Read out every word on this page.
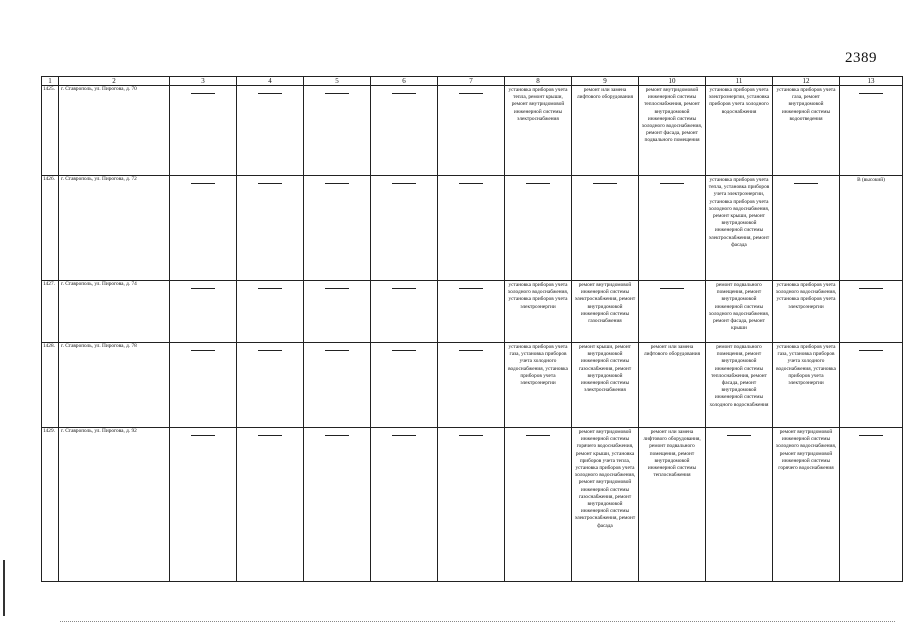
2389
1	2	3	4	5	6	7	8	9	10	11	12	13
1425.	г. Ставрополь, ул. Пирогова, д. 70						установка приборов учета тепла, ремонт крыши, ремонт внутридомовой инженерной системы электроснабжения	ремонт или замена лифтового оборудования	ремонт внутридомовой инженерной системы теплоснабжения, ремонт внутридомовой инженерной системы холодного водоснабжения, ремонт фасада, ремонт подвального помещения	установка приборов учета электроэнергии, установка приборов учета холодного водоснабжения	установка приборов учета газа, ремонт внутридомовой инженерной системы водоотведения	

1426.	г. Ставрополь, ул. Пирогова, д. 72									установка приборов учета тепла, установка приборов учета электроэнергии, установка приборов учета холодного водоснабжения, ремонт крыши, ремонт внутридомовой инженерной системы электроснабжения, ремонт фасада		В (высокий)
1427.	г. Ставрополь, ул. Пирогова, д. 74						установка приборов учета холодного водоснабжения, установка приборов учета электроэнергии	ремонт внутридомовой инженерной системы электроснабжения, ремонт внутридомовой инженерной системы газоснабжения		ремонт подвального помещения, ремонт внутридомовой инженерной системы холодного водоснабжения, ремонт фасада, ремонт крыши	установка приборов учета холодного водоснабжения, установка приборов учета электроэнергии	

1428.	г. Ставрополь, ул. Пирогова, д. 78						установка приборов учета газа, установка приборов учета холодного водоснабжения, установка приборов учета электроэнергии	ремонт крыши, ремонт внутридомовой инженерной системы газоснабжения, ремонт внутридомовой инженерной системы электроснабжения	ремонт или замена лифтового оборудования	ремонт подвального помещения, ремонт внутридомовой инженерной системы теплоснабжения, ремонт фасада, ремонт внутридомовой инженерной системы холодного водоснабжения	установка приборов учета газа, установка приборов учета холодного водоснабжения, установка приборов учета электроэнергии	

1429.	г. Ставрополь, ул. Пирогова, д. 92							ремонт внутридомовой инженерной системы горячего водоснабжения, ремонт крыши, установка приборов учета тепла, установка приборов учета холодного водоснабжения, ремонт внутридомовой инженерной системы газоснабжения, ремонт внутридомовой инженерной системы электроснабжения, ремонт фасада	ремонт или замена лифтового оборудования, ремонт подвального помещения, ремонт внутридомовой инженерной системы теплоснабжения		ремонт внутридомовой инженерной системы холодного водоснабжения, ремонт внутридомовой инженерной системы горячего водоснабжения	
